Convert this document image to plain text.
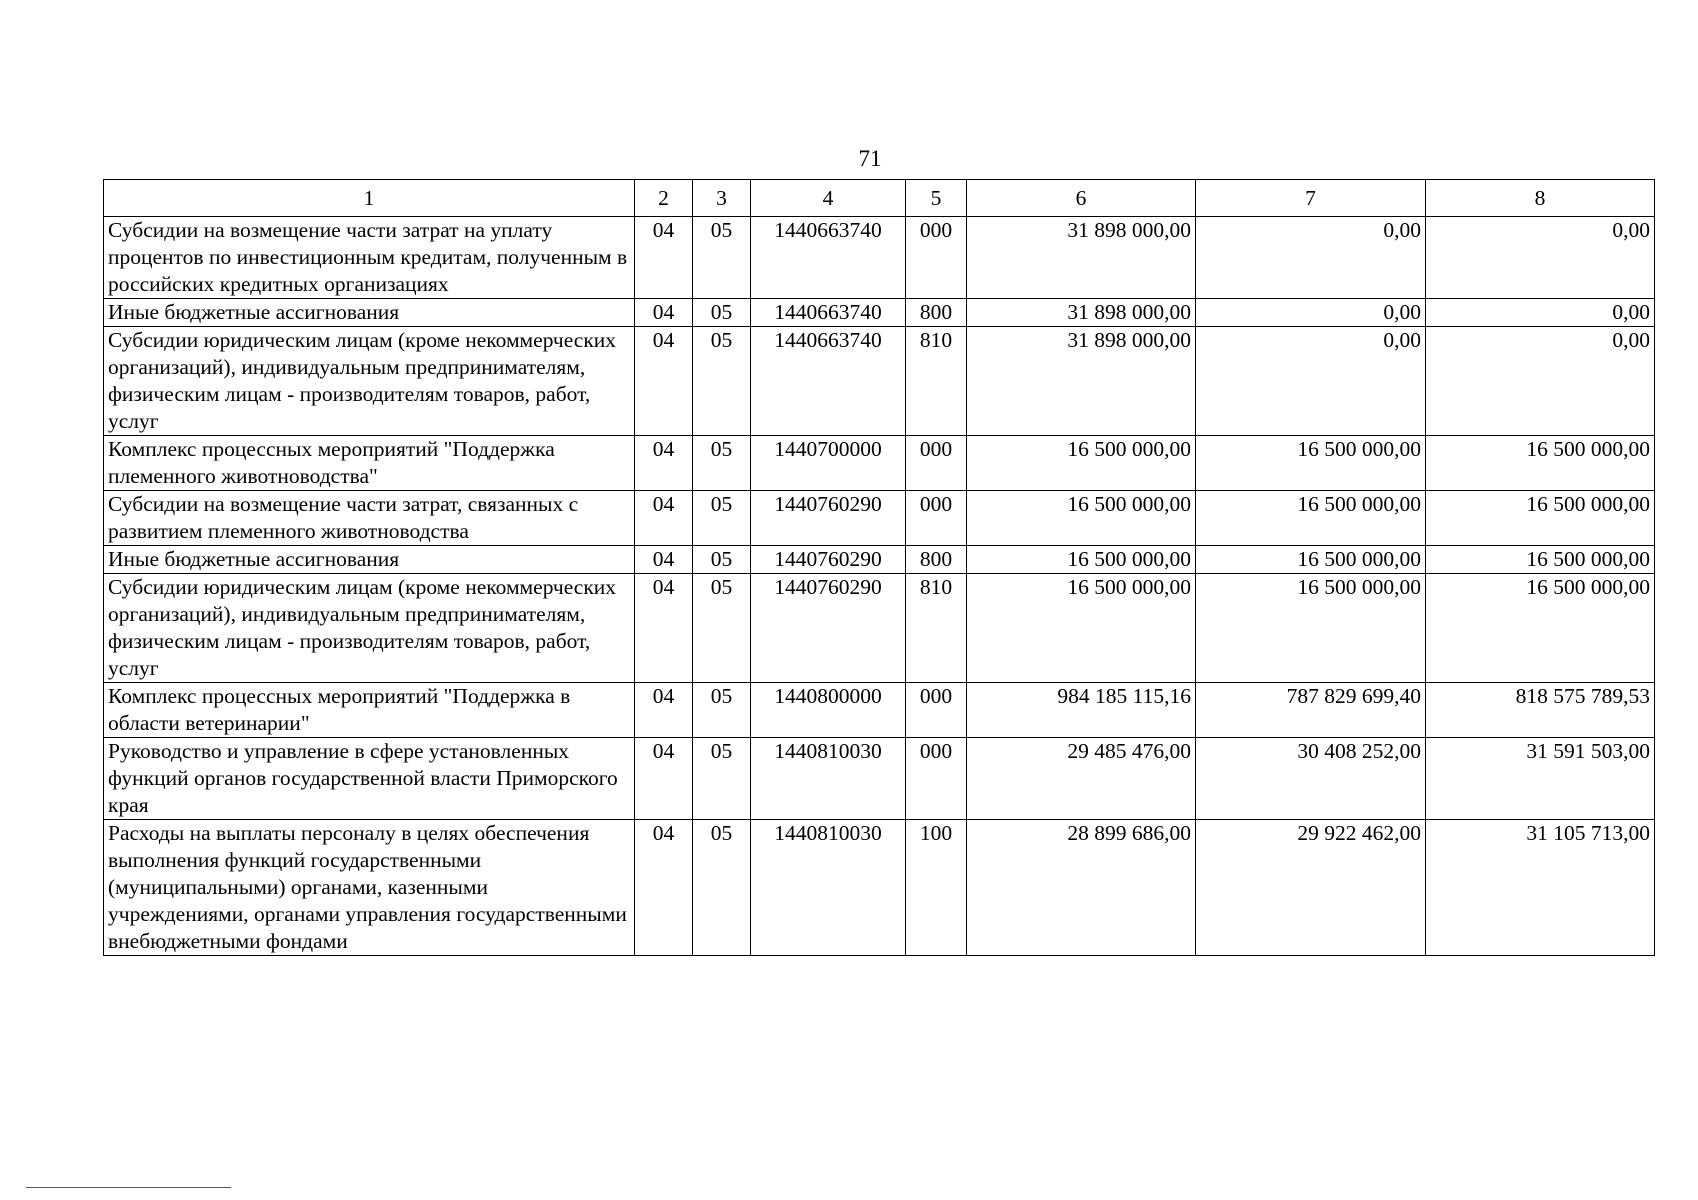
71
1	2	3	4	5	6	7	8
Субсидии на возмещение части затрат на уплату процентов по инвестиционным кредитам, полученным в российских кредитных организациях	04	05	1440663740	000	31 898 000,00	0,00	0,00
Иные бюджетные ассигнования	04	05	1440663740	800	31 898 000,00	0,00	0,00
Субсидии юридическим лицам (кроме некоммерческих организаций), индивидуальным предпринимателям, физическим лицам - производителям товаров, работ, услуг	04	05	1440663740	810	31 898 000,00	0,00	0,00
Комплекс процессных мероприятий "Поддержка племенного животноводства"	04	05	1440700000	000	16 500 000,00	16 500 000,00	16 500 000,00
Субсидии на возмещение части затрат, связанных с развитием племенного животноводства	04	05	1440760290	000	16 500 000,00	16 500 000,00	16 500 000,00
Иные бюджетные ассигнования	04	05	1440760290	800	16 500 000,00	16 500 000,00	16 500 000,00
Субсидии юридическим лицам (кроме некоммерческих организаций), индивидуальным предпринимателям, физическим лицам - производителям товаров, работ, услуг	04	05	1440760290	810	16 500 000,00	16 500 000,00	16 500 000,00
Комплекс процессных мероприятий "Поддержка в области ветеринарии"	04	05	1440800000	000	984 185 115,16	787 829 699,40	818 575 789,53
Руководство и управление в сфере установленных функций органов государственной власти Приморского края	04	05	1440810030	000	29 485 476,00	30 408 252,00	31 591 503,00
Расходы на выплаты персоналу в целях обеспечения выполнения функций государственными (муниципальными) органами, казенными учреждениями, органами управления государственными внебюджетными фондами	04	05	1440810030	100	28 899 686,00	29 922 462,00	31 105 713,00
